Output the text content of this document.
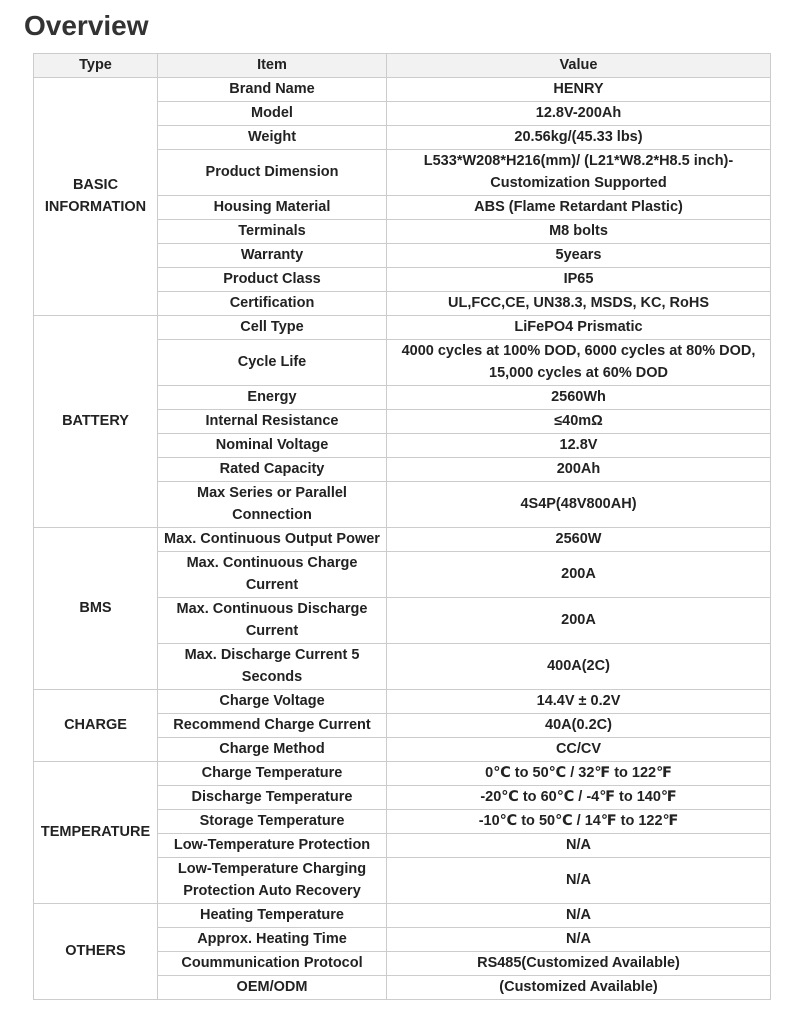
Overview
Type	Item	Value
BASIC INFORMATION	Brand Name	HENRY
	Model	12.8V-200Ah
	Weight	20.56kg/(45.33 lbs)
	Product Dimension	L533*W208*H216(mm)/ (L21*W8.2*H8.5 inch)-Customization Supported
	Housing Material	ABS (Flame Retardant Plastic)
	Terminals	M8 bolts
	Warranty	5years
	Product Class	IP65
	Certification	UL,FCC,CE, UN38.3, MSDS, KC, RoHS
BATTERY	Cell Type	LiFePO4 Prismatic
	Cycle Life	4000 cycles at 100% DOD, 6000 cycles at 80% DOD, 15,000 cycles at 60% DOD
	Energy	2560Wh
	Internal Resistance	≤40mΩ
	Nominal Voltage	12.8V
	Rated Capacity	200Ah
	Max Series or Parallel Connection	4S4P(48V800AH)
BMS	Max. Continuous Output Power	2560W
	Max. Continuous Charge Current	200A
	Max. Continuous Discharge Current	200A
	Max. Discharge Current 5 Seconds	400A(2C)
CHARGE	Charge Voltage	14.4V ± 0.2V
	Recommend Charge Current	40A(0.2C)
	Charge Method	CC/CV
TEMPERATURE	Charge Temperature	0℃ to 50℃ / 32℉ to 122℉
	Discharge Temperature	-20℃ to 60℃ / -4℉ to 140℉
	Storage Temperature	-10℃ to 50℃ / 14℉ to 122℉
	Low-Temperature Protection	N/A
	Low-Temperature Charging Protection Auto Recovery	N/A
OTHERS	Heating Temperature	N/A
	Approx. Heating Time	N/A
	Coummunication Protocol	RS485(Customized Available)
	OEM/ODM	(Customized Available)
